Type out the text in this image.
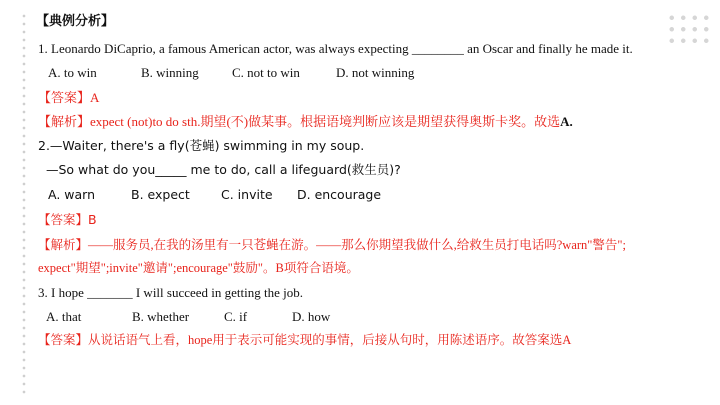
【典例分析】
1. Leonardo DiCaprio, a famous American actor, was always expecting ________ an Oscar and finally he made it.
A. to win	B. winning	C. not to win	D. not winning
【答案】A
【解析】expect (not)to do sth.期望(不)做某事。根据语境判断应该是期望获得奥斯卡奖。故选A.
2.—Waiter, there's a fly(苍蝇) swimming in my soup.
—So what do you_____ me to do, call a lifeguard(救生员)?
A. warn	B. expect C. invite D. encourage
【答案】B
【解析】——服务员,在我的汤里有一只苍蝇在游。——那么你期望我做什么,给救生员打电话吗?warn"警告";
expect"期望";invite"邀请";encourage"鼓励"。B项符合语境。
3. I hope _______ I will succeed in getting the job.
A. that	B. whether	C. if	D. how
【答案】从说话语气上看，hope用于表示可能实现的事情，后接从句时，用陈述语序。故答案选A
